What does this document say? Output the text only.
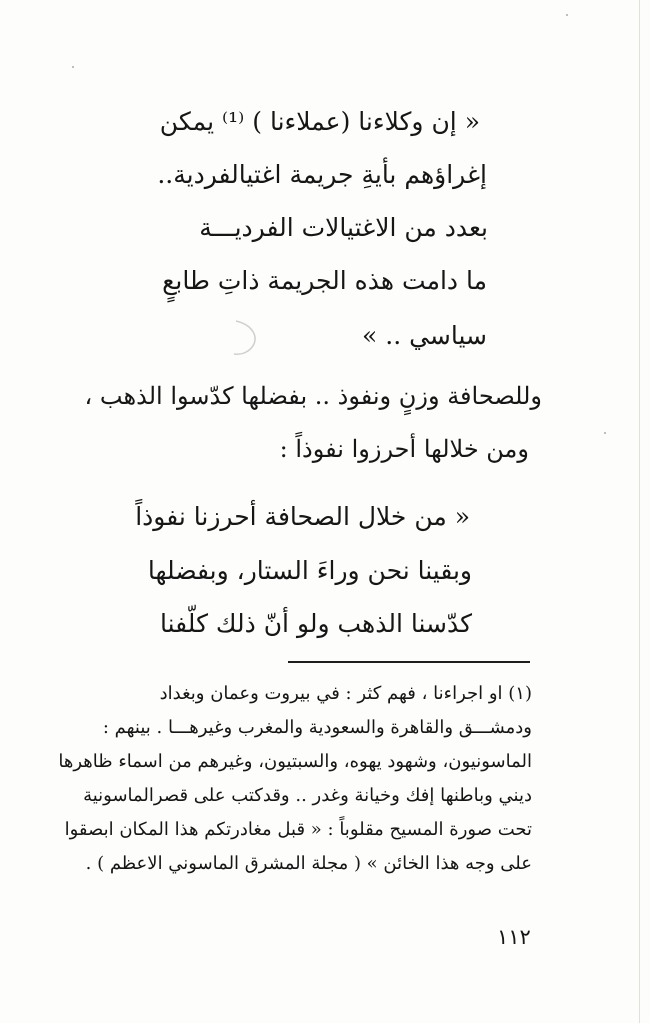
« إن وكلاءنا (عملاءنا ) ⁽¹⁾ يمكن
إغراؤهم بأيةِ جريمة اغتيالفردية..
بعدد من الاغتيالات الفرديـــة
ما دامت هذه الجريمة ذاتِ طابعٍ
سياسي .. »
وللصحافة وزنٍ ونفوذ .. بفضلها كدّسوا الذهب ،
ومن خلالها أحرزوا نفوذاً :
« من خلال الصحافة أحرزنا نفوذاً
وبقينا نحن وراءَ الستار، وبفضلها
كدّسنا الذهب ولو أنّ ذلك كلّفنا
(١) او اجراءنا ، فهم كثر : في بيروت وعمان وبغداد
ودمشـــق والقاهرة والسعودية والمغرب وغيرهـــا . بينهم :
الماسونيون، وشهود يهوه، والسبتيون، وغيرهم من اسماء ظاهرها
ديني وباطنها إفك وخيانة وغدر .. وقدكتب على قصرالماسونية
تحت صورة المسيح مقلوباً : « قبل مغادرتكم هذا المكان ابصقوا
على وجه هذا الخائن » ( مجلة المشرق الماسوني الاعظم ) .
١١٢
